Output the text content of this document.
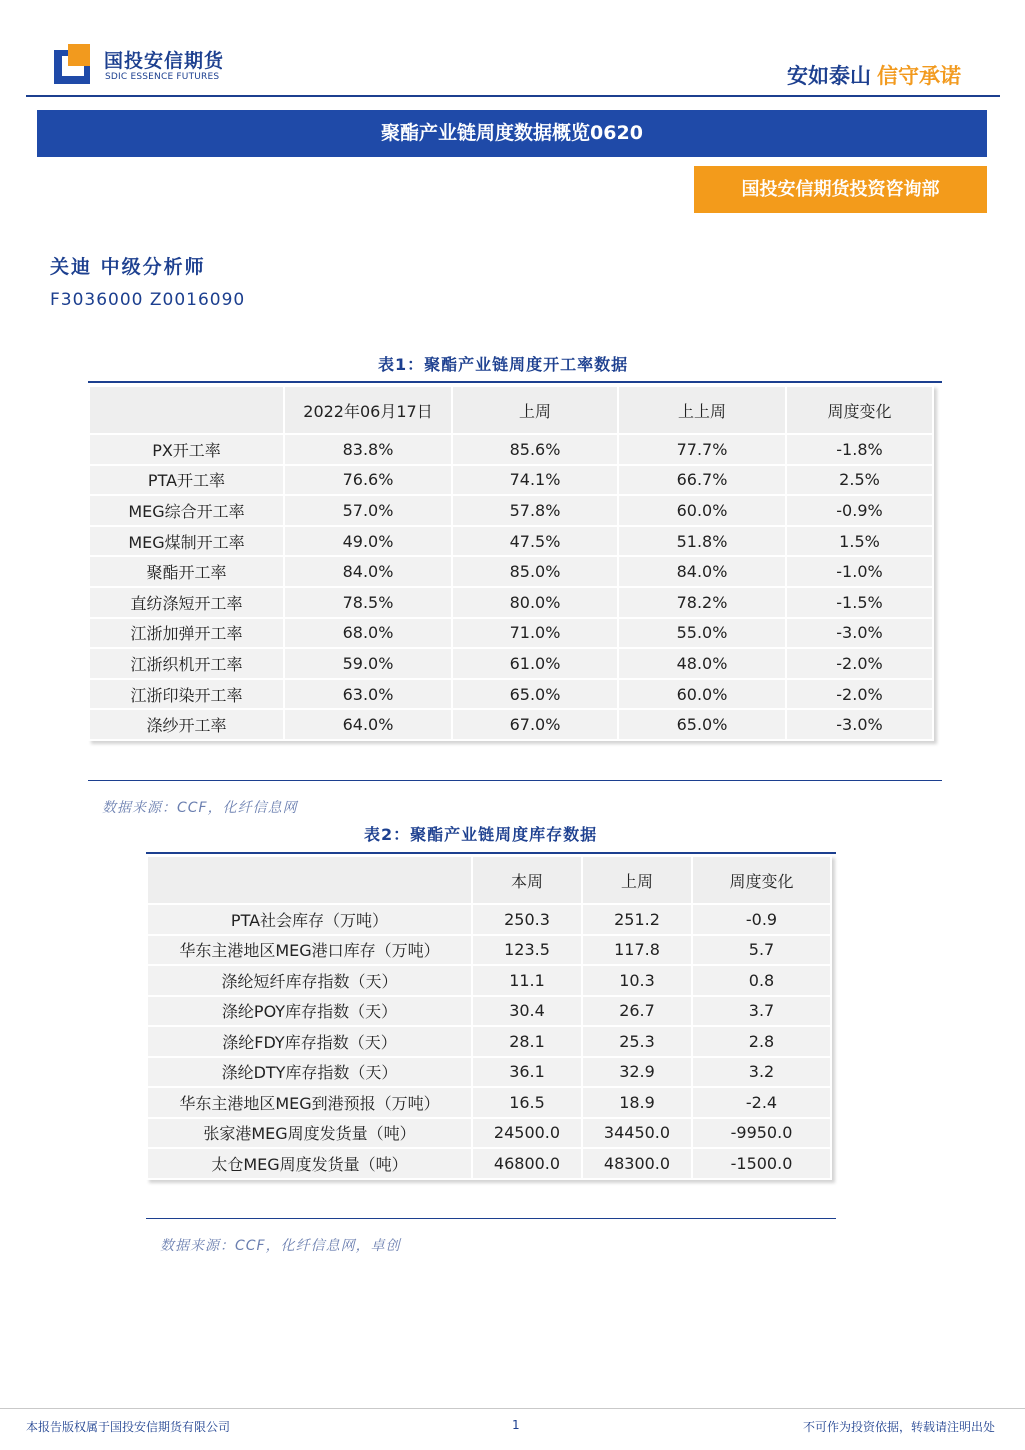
国投安信期货
SDIC ESSENCE FUTURES	安如泰山 信守承诺
聚酯产业链周度数据概览0620
国投安信期货投资咨询部
关迪 中级分析师
F3036000 Z0016090
表1：聚酯产业链周度开工率数据
	2022年06月17日	上周	上上周	周度变化
PX开工率	83.8%	85.6%	77.7%	-1.8%
PTA开工率	76.6%	74.1%	66.7%	2.5%
MEG综合开工率	57.0%	57.8%	60.0%	-0.9%
MEG煤制开工率	49.0%	47.5%	51.8%	1.5%
聚酯开工率	84.0%	85.0%	84.0%	-1.0%
直纺涤短开工率	78.5%	80.0%	78.2%	-1.5%
江浙加弹开工率	68.0%	71.0%	55.0%	-3.0%
江浙织机开工率	59.0%	61.0%	48.0%	-2.0%
江浙印染开工率	63.0%	65.0%	60.0%	-2.0%
涤纱开工率	64.0%	67.0%	65.0%	-3.0%
数据来源：CCF，化纤信息网
表2：聚酯产业链周度库存数据
	本周	上周	周度变化
PTA社会库存（万吨）	250.3	251.2	-0.9
华东主港地区MEG港口库存（万吨）	123.5	117.8	5.7
涤纶短纤库存指数（天）	11.1	10.3	0.8
涤纶POY库存指数（天）	30.4	26.7	3.7
涤纶FDY库存指数（天）	28.1	25.3	2.8
涤纶DTY库存指数（天）	36.1	32.9	3.2
华东主港地区MEG到港预报（万吨）	16.5	18.9	-2.4
张家港MEG周度发货量（吨）	24500.0	34450.0	-9950.0
太仓MEG周度发货量（吨）	46800.0	48300.0	-1500.0
数据来源：CCF，化纤信息网，卓创
本报告版权属于国投安信期货有限公司	1	不可作为投资依据，转载请注明出处
